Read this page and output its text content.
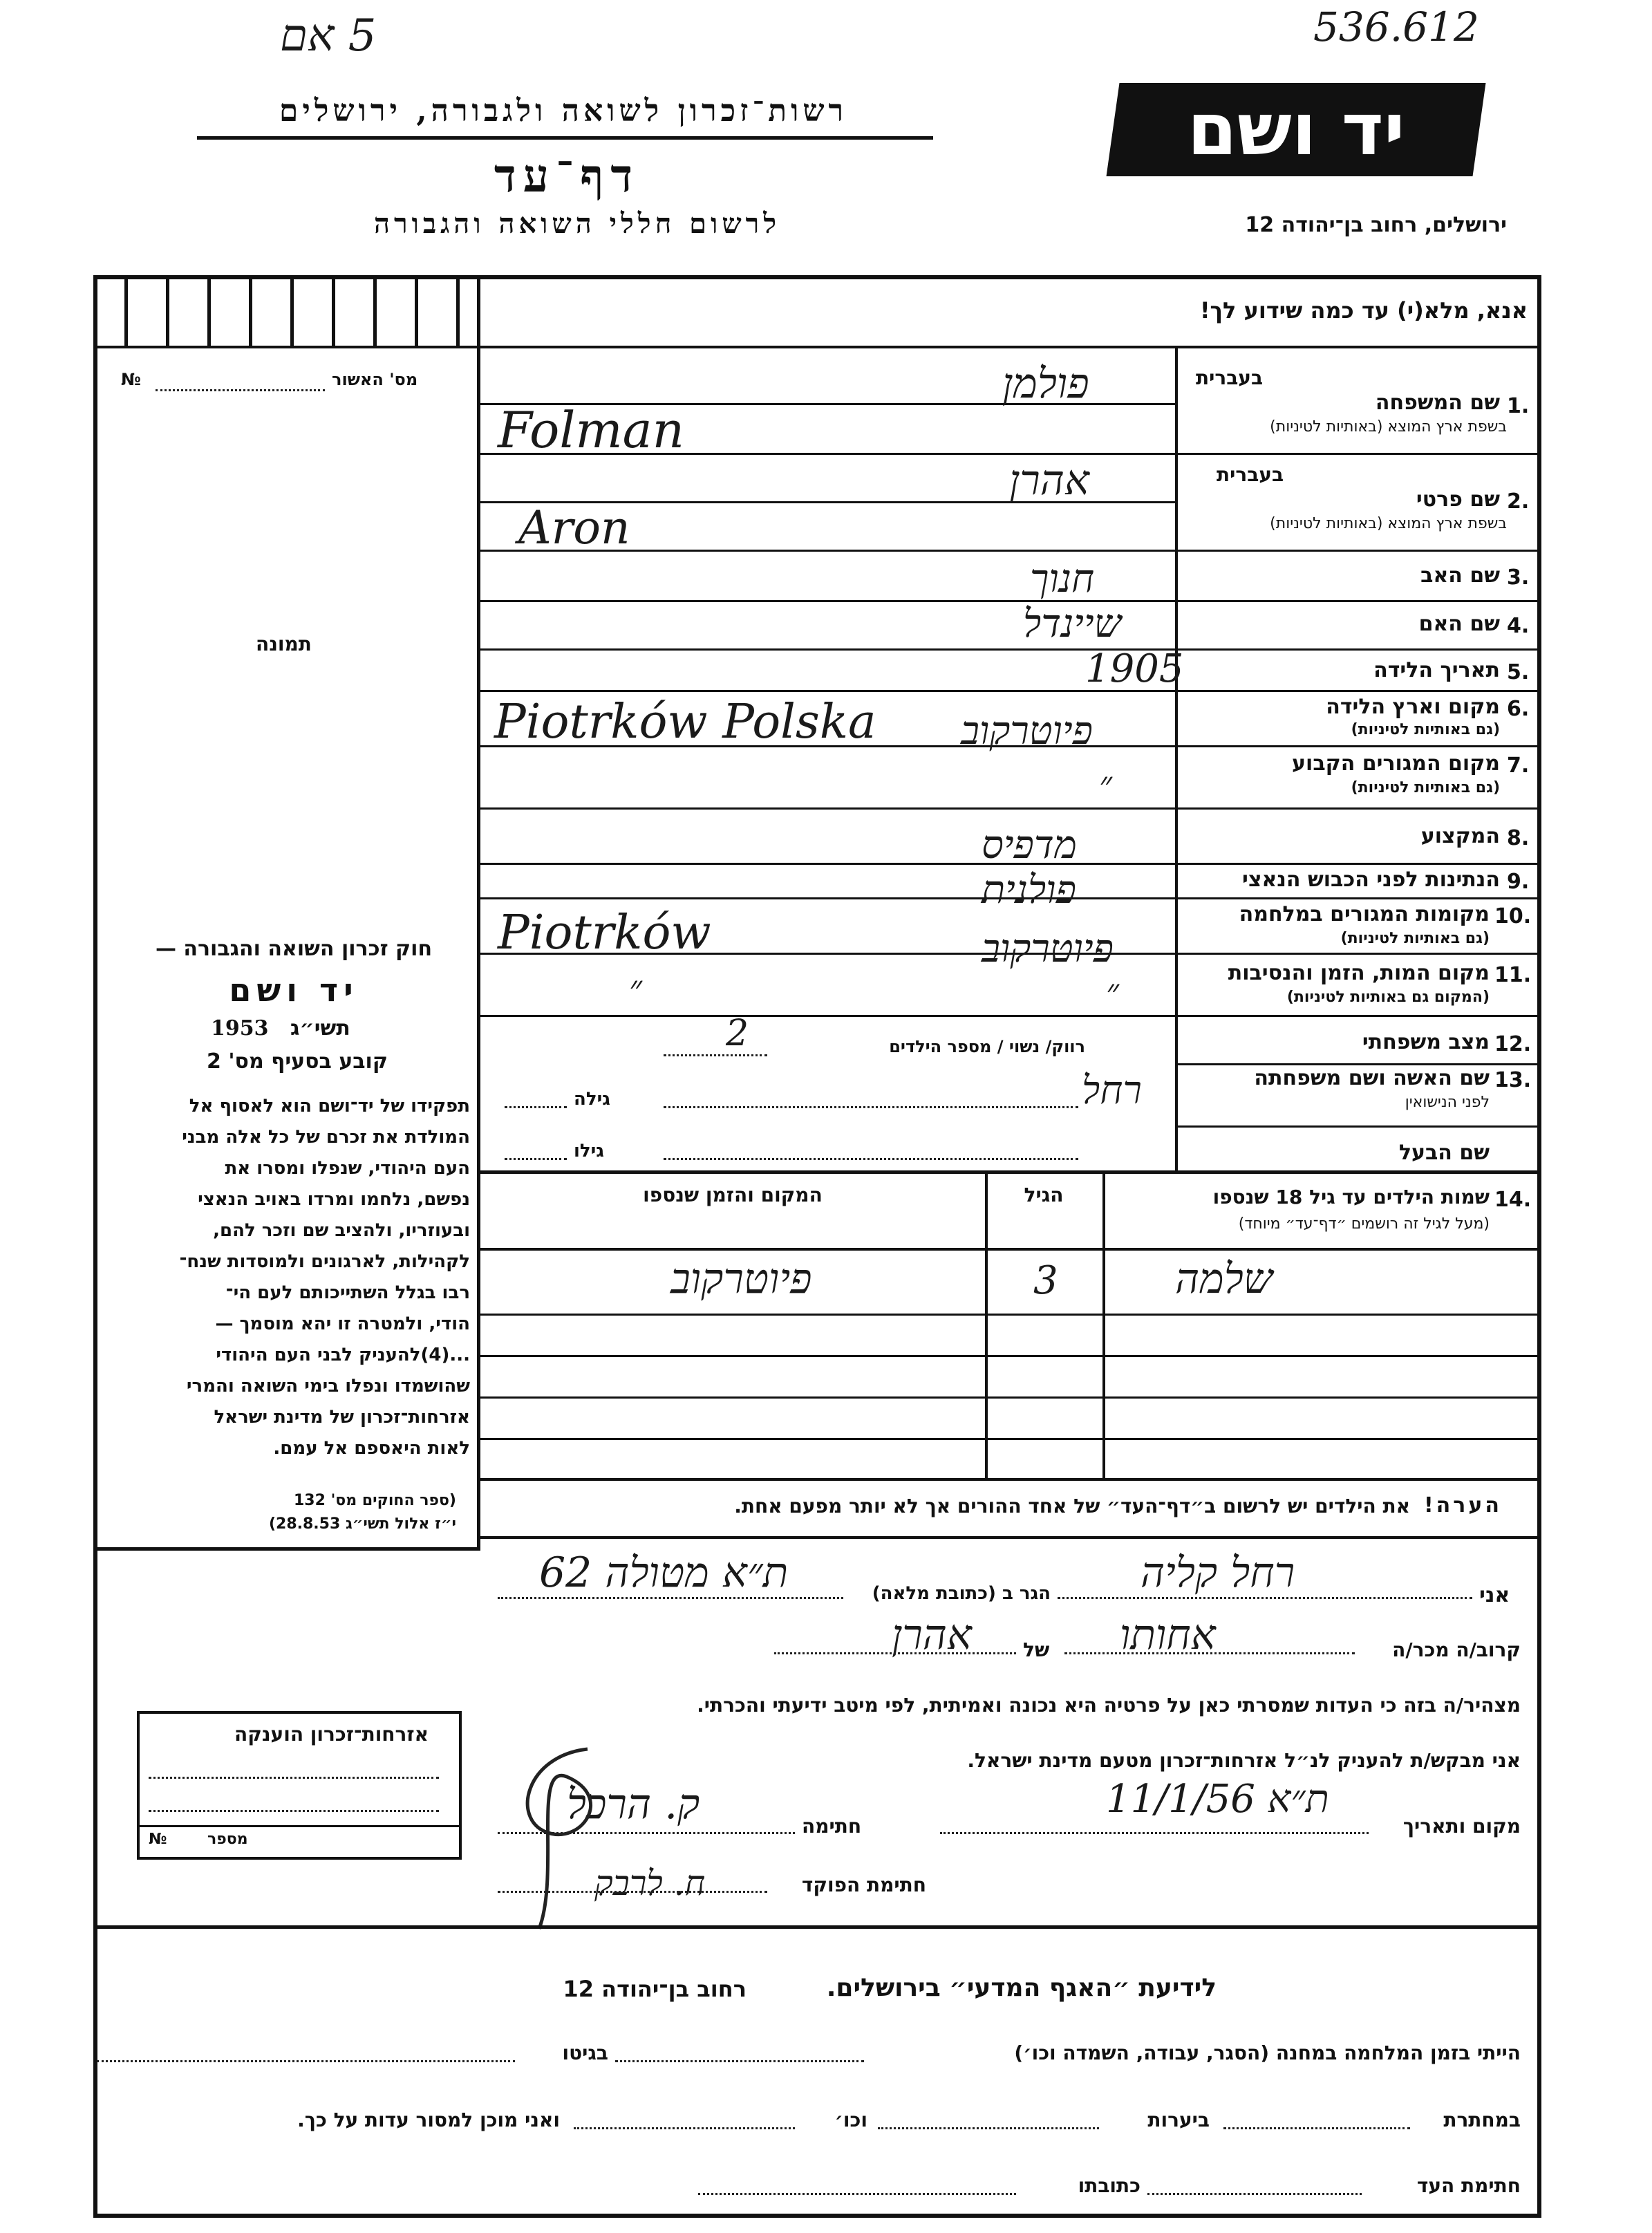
5 אם	536.612
יד ושם
רשות־זכרון לשואה ולגבורה, ירושלים
דף־עד
לרשום חללי השואה והגבורה	ירושלים, רחוב בן־יהודה 12
אנא, מלא(י) עד כמה שידוע לך!
מס' האשור
№
תמונה
חוק זכרון השואה והגבורה —
יד ושם
תשי״ג
1953
קובע בסעיף מס' 2
תפקידו של יד־ושם הוא לאסוף אל
המולדת את זכרם של כל אלה מבני
העם היהודי, שנפלו ומסרו את
נפשם, נלחמו ומרדו באויב הנאצי
ובעוזריו, ולהציב שם וזכר להם,
לקהילות, לארגונים ולמוסדות שנח־
רבו בגלל השתייכותם לעם הי־
הודי, ולמטרה זו יהא מוסמך —
...(4)להעניק לבני העם היהודי
שהושמדו ונפלו בימי השואה והמרי
אזרחות־זכרון של מדינת ישראל
לאות היאספם אל עמם.
(ספר החוקים מס' 132
י״ז אלול תשי״ג 28.8.53)
אזרחות־זכרון הוענקה
מספר
№
בעברית
1.
שם המשפחה
בשפת ארץ המוצא (באותיות לטיניות)
בעברית
2.
שם פרטי
בשפת ארץ המוצא (באותיות לטיניות)
3.
שם האב
4.
שם האם
5.
תאריך הלידה
6.
מקום וארץ הלידה
(גם באותיות לטיניות)
7.
מקום המגורים הקבוע
(גם באותיות לטיניות)
8.
המקצוע
9.
הנתינות לפני הכבוש הנאצי
10.
מקומות המגורים במלחמה
(גם באותיות לטיניות)
11.
מקום המות, הזמן והנסיבות
(המקום גם באותיות לטיניות)
12.
מצב משפחתי
רווק/ נשוי / מספר הילדים
13.
שם האשה ושם משפחתה
לפני הנישואין
גילה
שם הבעל
גילו
פולמן
Folman
אהרן
Aron
חנוך
שיינדל
1905
פיוטרקוב
Piotrków Polska
״
מדפיס
פולנית
פיוטרקוב
Piotrków
״
״
2
רחל
14.
שמות הילדים עד גיל 18 שנספו
(מעל לגיל זה רושמים ״דף־עד״ מיוחד)
הגיל
המקום והזמן שנספו
שלמה
3
פיוטרקוב
הערה!
את הילדים יש לרשום ב״דף־העד״ של אחד ההורים אך לא יותר מפעם אחת.
אני
רחל קליה
הגר ב (כתובת מלאה)
ת״א מטולה 62
קרוב/ה מכר/ה
אחותו
של
אהרן
מצהיר/ה בזה כי העדות שמסרתי כאן על פרטיה היא נכונה ואמיתית, לפי מיטב ידיעתי והכרתי.
אני מבקש/ת להעניק לנ״ל אזרחות־זכרון מטעם מדינת ישראל.
מקום ותאריך
ת״א 11/1/56
חתימה
ק. הרכל
חתימת הפוקד
ח. לרבק
לידיעת ״האגף המדעי״ בירושלים.
רחוב בן־יהודה 12
הייתי בזמן המלחמה במחנה (הסגר, עבודה, השמדה וכו׳)
בגיטו
במחתרת
ביערות
וכו׳
ואני מוכן למסור עדות על כך.
חתימת העד
כתובתו
